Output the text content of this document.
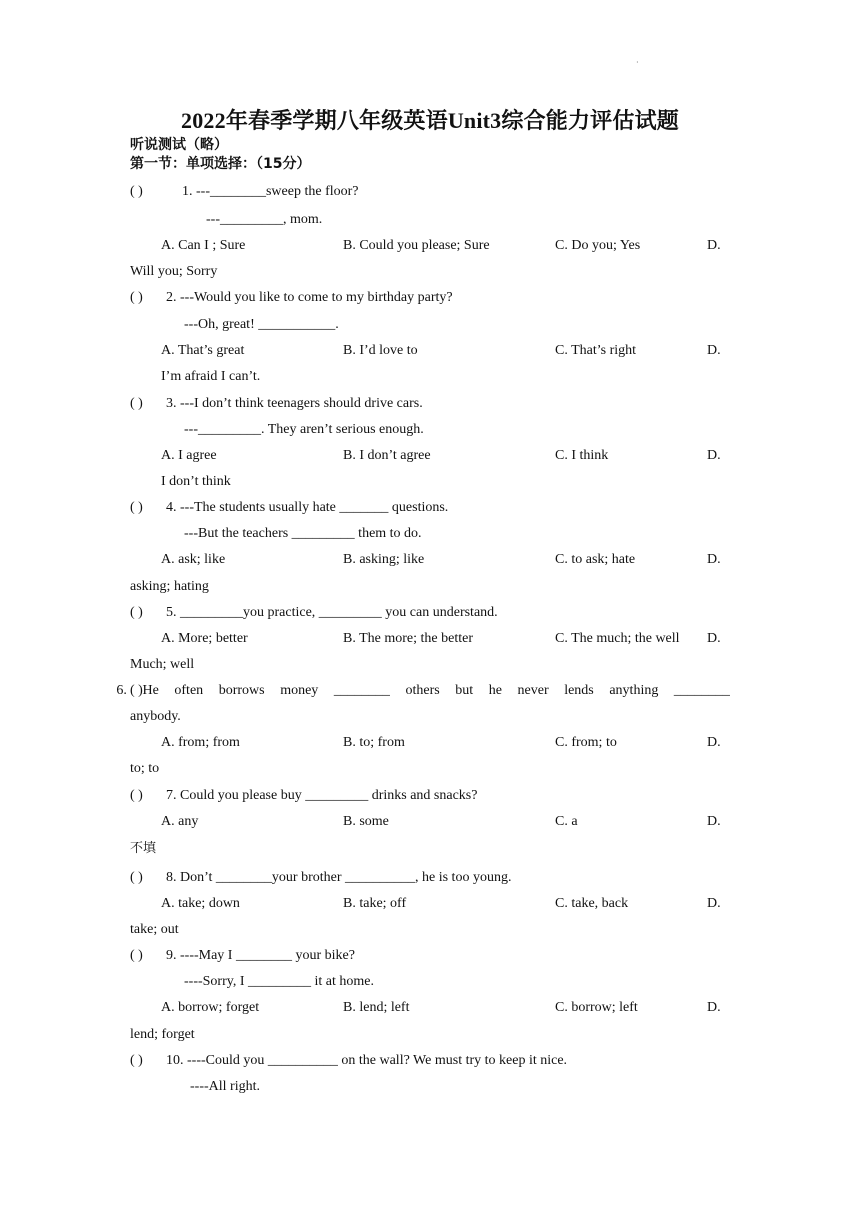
·
2022年春季学期八年级英语Unit3综合能力评估试题
听说测试（略）
第一节：单项选择：（15分）
( )	1. ---________sweep the floor?
---_________, mom.
A. Can I ; Sure	B. Could you please; Sure	C. Do you; Yes	D.
Will you; Sorry
( ) 2. ---Would you like to come to my birthday party?
---Oh, great! ___________.
A. That’s great	B. I’d love to	C. That’s right	D.
I’m afraid I can’t.
( ) 3. ---I don’t think teenagers should drive cars.
---_________. They aren’t serious enough.
A. I agree	B. I don’t agree	C. I think	D.
I don’t think
( ) 4. ---The students usually hate _______ questions.
---But the teachers _________ them to do.
A. ask; like	B. asking; like	C. to ask; hate	D.
asking; hating
( ) 5. _________you practice, _________ you can understand.
A. More; better	B. The more; the better	C. The much; the well D.
Much; well
( )
6. He often borrows money ________ others but he never lends anything ________
anybody.
A. from; from	B. to; from	C. from; to	D.
to; to
( ) 7. Could you please buy _________ drinks and snacks?
A. any	B. some	C. a	D.
不填
( ) 8. Don’t ________your brother __________, he is too young.
A. take; down	B. take; off	C. take, back	D.
take; out
( ) 9. ----May I ________ your bike?
----Sorry, I _________ it at home.
A. borrow; forget	B. lend; left	C. borrow; left	D.
lend; forget
( ) 10. ----Could you __________ on the wall? We must try to keep it nice.
----All right.
